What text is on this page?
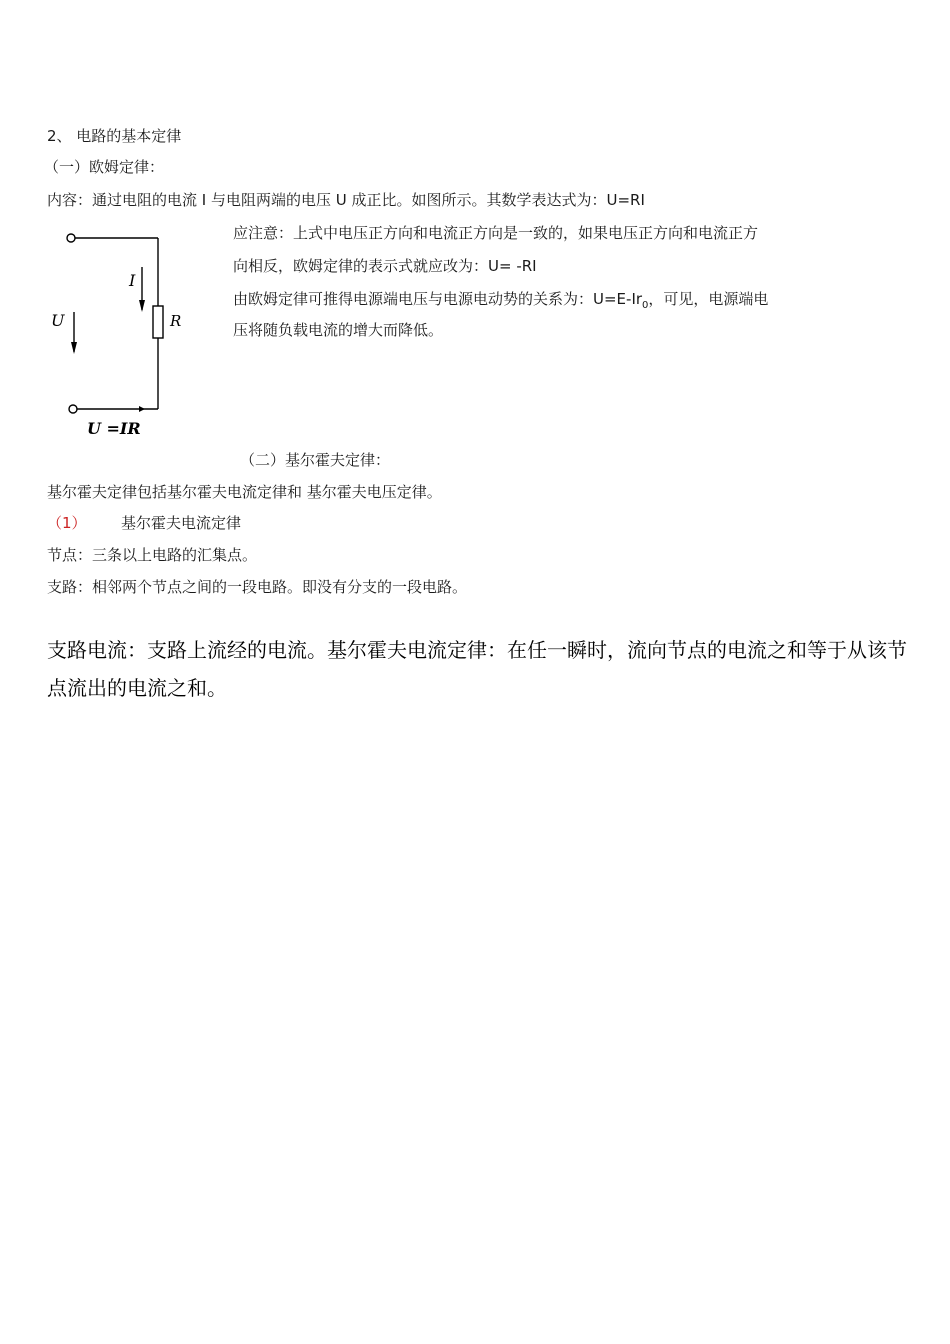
2、 电路的基本定律
（一）欧姆定律：
内容：通过电阻的电流 I 与电阻两端的电压 U 成正比。如图所示。其数学表达式为：U=RI
应注意：上式中电压正方向和电流正方向是一致的，如果电压正方向和电流正方
向相反，欧姆定律的表示式就应改为：U= -RI
由欧姆定律可推得电源端电压与电源电动势的关系为：$U=E-Ir_0$，可见，电源端电
压将随负载电流的增大而降低。
I
U	R
U =IR
（二）基尔霍夫定律：
基尔霍夫定律包括基尔霍夫电流定律和 基尔霍夫电压定律。
（1） 基尔霍夫电流定律
节点：三条以上电路的汇集点。
支路：相邻两个节点之间的一段电路。即没有分支的一段电路。
支路电流：支路上流经的电流。基尔霍夫电流定律：在任一瞬时，流向节点的电流之和等于从该节点流出的电流之和。
